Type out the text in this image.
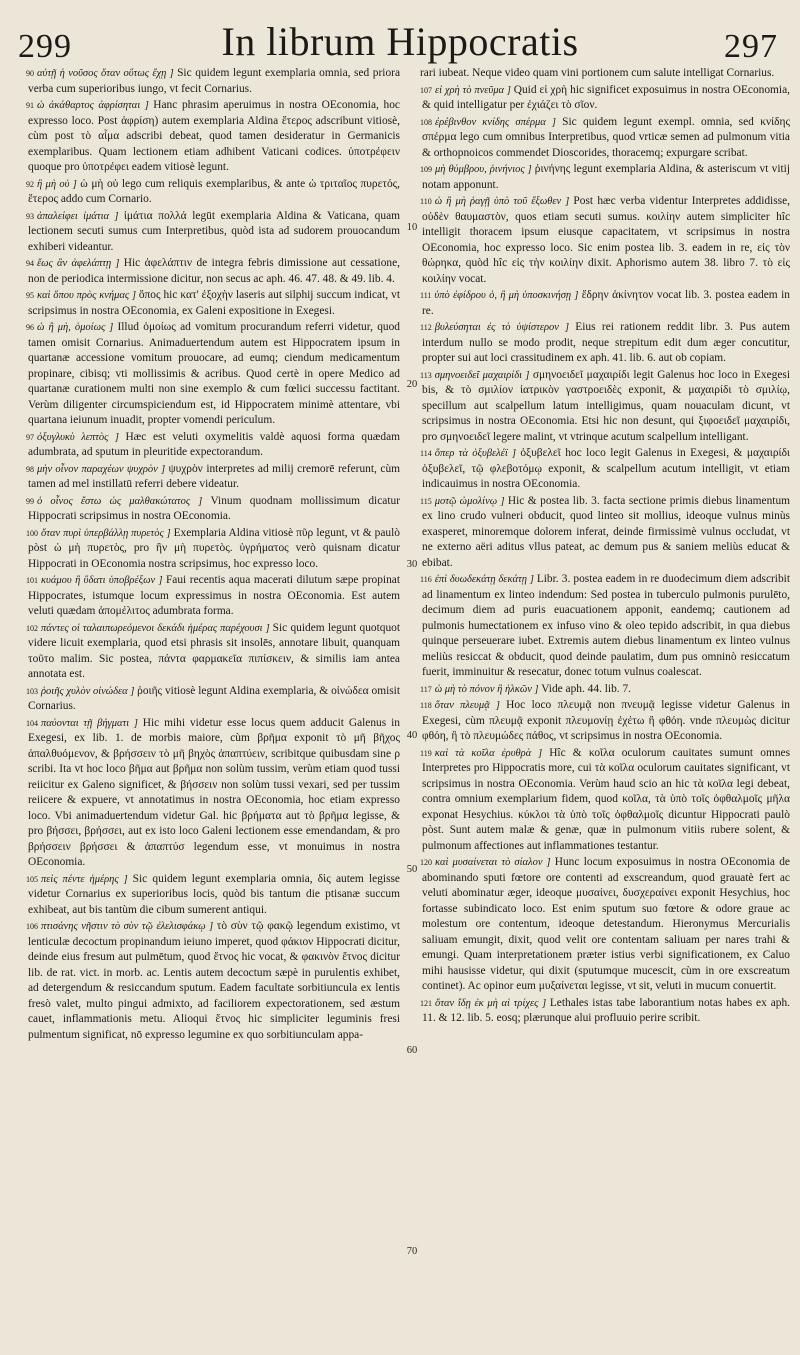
299	In librum Hippocratis	297

$^{90}$ αὐτῇ ἡ νοῦσος ὅταν οὕτως ἔχῃ ] Sic quidem legunt exemplaria omnia, sed priora verba cum superioribus iungo, vt fecit Cornarius.

$^{91}$ ὡ ἀκάθαρτος ἀφρίσηται ] Hanc phrasim aperuimus in nostra OEconomia, hoc expresso loco. Post ἀφρίση) autem exemplaria Aldina ἕτερος adscribunt vitiosè, cùm post τὸ αἷμα adscribi debeat, quod tamen desideratur in Germanicis exemplaribus. Quam lectionem etiam adhibent Vaticani codices. ὑποτρέφειν quoque pro ὑποτρέφει eadem vitiosè legunt.

$^{92}$ ἢ μὴ οὐ ] ὡ μὴ οὐ lego cum reliquis exemplaribus, & ante ὡ τριταῖος πυρετός, ἕτερος addo cum Cornario.

$^{93}$ ἀπαλείφει ἰμάτια ] ἱμάτια πολλά legūt exemplaria Aldina & Vaticana, quam lectionem secuti sumus cum Interpretibus, quòd ista ad sudorem prouocandum exhiberi videantur.

$^{94}$ ἕως ἂν ἀφελάπτῃ ] Hic ἀφελάπτιν de integra febris dimissione aut cessatione, non de periodica intermissione dicitur, non secus ac aph. 46. 47. 48. & 49. lib. 4.

$^{95}$ καὶ ὅπου πρὸς κνήμας ] ὅπος hic κατ' ἐξοχὴν laseris aut silphij succum indicat, vt scripsimus in nostra OEconomia, ex Galeni expositione in Exegesi.

$^{96}$ ὡ ἢ μὴ, ὁμοίως ] Illud ὁμοίως ad vomitum procurandum referri videtur, quod tamen omisit Cornarius. Animaduertendum autem est Hippocratem ipsum in quartanæ accessione vomitum prouocare, ad eumq; ciendum medicamentum propinare, cibisq; vti mollissimis & acribus. Quod certè in opere Medico ad quartanæ curationem multi non sine exemplo & cum fœlici successu factitant. Verùm diligenter circumspiciendum est, id Hippocratem minimè attentare, vbi quartana ieiunum inuadit, propter vomendi periculum.

$^{97}$ ὀξυγλυκὺ λεπτὸς ] Hæc est veluti oxymelitis valdè aquosi forma quædam adumbrata, ad sputum in pleuritide expectorandum.

$^{98}$ μὴν οἶνον παραχέων ψυχρὸν ] ψυχρὸν interpretes ad milij cremorē referunt, cùm tamen ad mel instillatū referri debere videatur.

$^{99}$ ὁ οἶνος ἔστω ὡς μαλθακώτατος ] Vinum quodnam mollissimum dicatur Hippocrati scripsimus in nostra OEconomia.

$^{100}$ ὅταν πυρὶ ὑπερβάλλῃ πυρετὸς ] Exemplaria Aldina vitiosè πῦρ legunt, vt & paulò pòst ὡ μὴ πυρετὸς, pro ἢν μὴ πυρετὸς. ὑγρήματος verò quisnam dicatur Hippocrati in OEconomia nostra scripsimus, hoc expresso loco.

$^{101}$ κυάμου ἢ ὕδατι ὑποβρέξων ] Faui recentis aqua macerati dilutum sæpe propinat Hippocrates, istumque locum expressimus in nostra OEconomia. Est autem veluti quædam ἀπομέλιτος adumbrata forma.

$^{102}$ πάντες οἱ ταλαιπωρεόμενοι δεκάδι ἡμέρας παρέχουσι ] Sic quidem legunt quotquot videre licuit exemplaria, quod etsi phrasis sit insolēs, annotare libuit, quanquam τοῦτο malim. Sic postea, πάντα φαρμακεῖα πιπίσκειν, & similis iam antea annotata est.

$^{103}$ ῥοιῆς χυλὸν οἰνώδεα ] ῥοιῆς vitiosè legunt Aldina exemplaria, & οἰνώδεα omisit Cornarius.

$^{104}$ παύονται τῇ βήγματι ] Hic mihi videtur esse locus quem adducit Galenus in Exegesi, ex lib. 1. de morbis maiore, cùm βρῆμα exponit τὸ μῆ βῆχος ἀπαλθυόμενον, & βρήσσειν τὸ μῆ βηχὸς ἀπαπτύειν, scribitque quibusdam sine ρ scribi. Ita vt hoc loco βῆμα aut βρῆμα non solùm tussim, verùm etiam quod tussi reiicitur ex Galeno significet, & βήσσειν non solùm tussi vexari, sed per tussim reiicere & expuere, vt annotatimus in nostra OEconomia, hoc etiam expresso loco. Vbi animaduertendum videtur Gal. hic βρήματα aut τὸ βρῆμα legisse, & pro βήσσει, βρήσσει, aut ex isto loco Galeni lectionem esse emendandam, & pro βρήσσειν βρήσσει & ἀπαπτύσ legendum esse, vt monuimus in nostra OEconomia.

$^{105}$ πεὶς πέντε ἡμέρης ] Sic quidem legunt exemplaria omnia, δὶς autem legisse videtur Cornarius ex superioribus locis, quòd bis tantum die ptisanæ succum exhibeat, aut bis tantùm die cibum sumerent antiqui.

$^{106}$ πτισάνης νῆστιν τὸ σὺν τῷ ἐλελισφάκῳ ] τὸ σὺν τῷ φακῷ legendum existimo, vt lenticulæ decoctum propinandum ieiuno imperet, quod φάκιον Hippocrati dicitur, deinde eius fresum aut pulmētum, quod ἔτνος hic vocat, & φακινὸν ἔτνος dicitur lib. de rat. vict. in morb. ac. Lentis autem decoctum sæpè in purulentis exhibet, ad detergendum & resiccandum sputum. Eadem facultate sorbitiuncula ex lentis fresò valet, multo pingui admixto, ad faciliorem expectorationem, sed æstum cauet, inflammationis metu. Alioqui ἔτνος hic simpliciter leguminis fresi pulmentum significat, nō expresso legumine ex quo sorbitiunculam appa-

10
20
30
40
50
60
70

rari iubeat. Neque video quam vini portionem cum salute intelligat Cornarius.

$^{107}$ εἰ χρὴ τὸ πνεῦμα ] Quid εἰ χρὴ hic significet exposuimus in nostra OEconomia, & quid intelligatur per ἐχιάζει τὸ σῖον.

$^{108}$ ἐρέβινθον κνίδης σπέρμα ] Sic quidem legunt exempl. omnia, sed κνίδης σπέρμα lego cum omnibus Interpretibus, quod vrticæ semen ad pulmonum vitia & orthopnoicos commendet Dioscorides, thoracemq; expurgare scribat.

$^{109}$ μὴ θύμβρου, ῥινήνιος ] ῥινήνης legunt exemplaria Aldina, & asteriscum vt vitij notam apponunt.

$^{110}$ ὡ ἢ μὴ ῥαγῇ ὑπὸ τοῦ ἔξωθεν ] Post hæc verba videntur Interpretes addidisse, οὐδὲν θαυμαστὸν, quos etiam secuti sumus. κοιλίην autem simpliciter hîc intelligit thoracem ipsum eiusque capacitatem, vt scripsimus in nostra OEconomia, hoc expresso loco. Sic enim postea lib. 3. eadem in re, εἰς τὸν θώρηκα, quòd hîc εἰς τὴν κοιλίην dixit. Aphorismo autem 38. libro 7. τὸ εἰς κοιλίην vocat.

$^{111}$ ὑπὸ ἐφίδρου ὁ, ἢ μὴ ὑποσκινήσῃ ] ἔδρην ἀκίνητον vocat lib. 3. postea eadem in re.

$^{112}$ βυλεύσηται ἐς τὸ ὑψίστερον ] Eius rei rationem reddit libr. 3. Pus autem interdum nullo se modo prodit, neque strepitum edit dum æger concutitur, propter sui aut loci crassitudinem ex aph. 41. lib. 6. aut ob copiam.

$^{113}$ σμηνοειδεῖ μαχαιρίδι ] σμηνοειδεῖ μαχαιρίδι legit Galenus hoc loco in Exegesi bis, & τὸ σμιλίον ἰατρικὸν γαστροειδὲς exponit, & μαχαιρίδι τὸ σμιλίῳ, specillum aut scalpellum latum intelligimus, quam nouaculam dicunt, vt scripsimus in nostra OEconomia. Etsi hic non desunt, qui ξιφοειδεῖ μαχαιρίδι, pro σμηνοειδεῖ legere malint, vt vtrinque acutum scalpellum intelligant.

$^{114}$ ὅπερ τὰ ὀξυβελέϊ ] ὀξυβελεῖ hoc loco legit Galenus in Exegesi, & μαχαιρίδι ὀξυβελεῖ, τῷ φλεβοτόμῳ exponit, & scalpellum acutum intelligit, vt etiam indicauimus in nostra OEconomia.

$^{115}$ μοτῷ ὠμολίνῳ ] Hic & postea lib. 3. facta sectione primis diebus linamentum ex lino crudo vulneri obducit, quod linteo sit mollius, ideoque vulnus minùs exasperet, minoremque dolorem inferat, deinde firmissimè vulnus occludat, vt ne externo aëri aditus vllus pateat, ac demum pus & saniem meliùs educat & ebibat.

$^{116}$ ἐπὶ δυωδεκάτῃ δεκάτῃ ] Libr. 3. postea eadem in re duodecimum diem adscribit ad linamentum ex linteo indendum: Sed postea in tuberculo pulmonis purulēto, decimum diem ad puris euacuationem apponit, eandemq; cautionem ad pulmonis humectationem ex infuso vino & oleo tepido adscribit, in qua diebus quinque perseuerare iubet. Extremis autem diebus linamentum ex linteo vulnus meliùs resiccat & obducit, quod deinde paulatim, dum pus omninò resiccatum fuerit, imminuitur & resecatur, donec totum vulnus coalescat.

$^{117}$ ὡ μὴ τὸ πόνον ἢ ἡλκῶν ] Vide aph. 44. lib. 7.

$^{118}$ ὅταν πλευμᾷ ] Hoc loco πλευμᾷ non πνευμᾷ legisse videtur Galenus in Exegesi, cùm πλευμᾷ exponit πλευμονίῃ ἐχέτω ἢ φθόη. vnde πλευμὼς dicitur φθόη, ἢ τὸ πλευμώδες πάθος, vt scripsimus in nostra OEconomia.

$^{119}$ καὶ τὰ κοῖλα ἐρυθρὰ ] Hîc & κοῖλα oculorum cauitates sumunt omnes Interpretes pro Hippocratis more, cui τὰ κοῖλα oculorum cauitates significant, vt scripsimus in nostra OEconomia. Verùm haud scio an hic τὰ κοῖλα legi debeat, contra omnium exemplarium fidem, quod κοῖλα, τὰ ὑπὸ τοῖς ὀφθαλμοῖς μῆλα exponat Hesychius. κύκλοι τὰ ὑπὸ τοῖς ὀφθαλμοῖς dicuntur Hippocrati paulò pòst. Sunt autem malæ & genæ, quæ in pulmonum vitiis rubere solent, & pulmonum affectiones aut inflammationes testantur.

$^{120}$ καὶ μυσαίνεται τὸ σίαλον ] Hunc locum exposuimus in nostra OEconomia de abominando sputi fœtore ore contenti ad exscreandum, quod grauatè fert ac veluti abominatur æger, ideoque μυσαίνει, δυσχεραίνει exponit Hesychius, hoc fortasse subindicato loco. Est enim sputum suo fœtore & odore graue ac molestum ore contentum, ideoque detestandum. Hieronymus Mercurialis saliuam emungit, dixit, quod velit ore contentam saliuam per nares trahi & emungi. Quam interpretationem præter istius verbi significationem, ex Caluo mihi hausisse videtur, qui dixit (sputumque mucescit, cùm in ore exscreatum continet). Ac opinor eum μυξαίνεται legisse, vt sit, veluti in mucum conuertit.

$^{121}$ ὅταν ἴδῃ ἐκ μὴ αἱ τρίχες ] Lethales istas tabe laborantium notas habes ex aph. 11. & 12. lib. 5. eosq; plærunque alui profluuio perire scribit.
